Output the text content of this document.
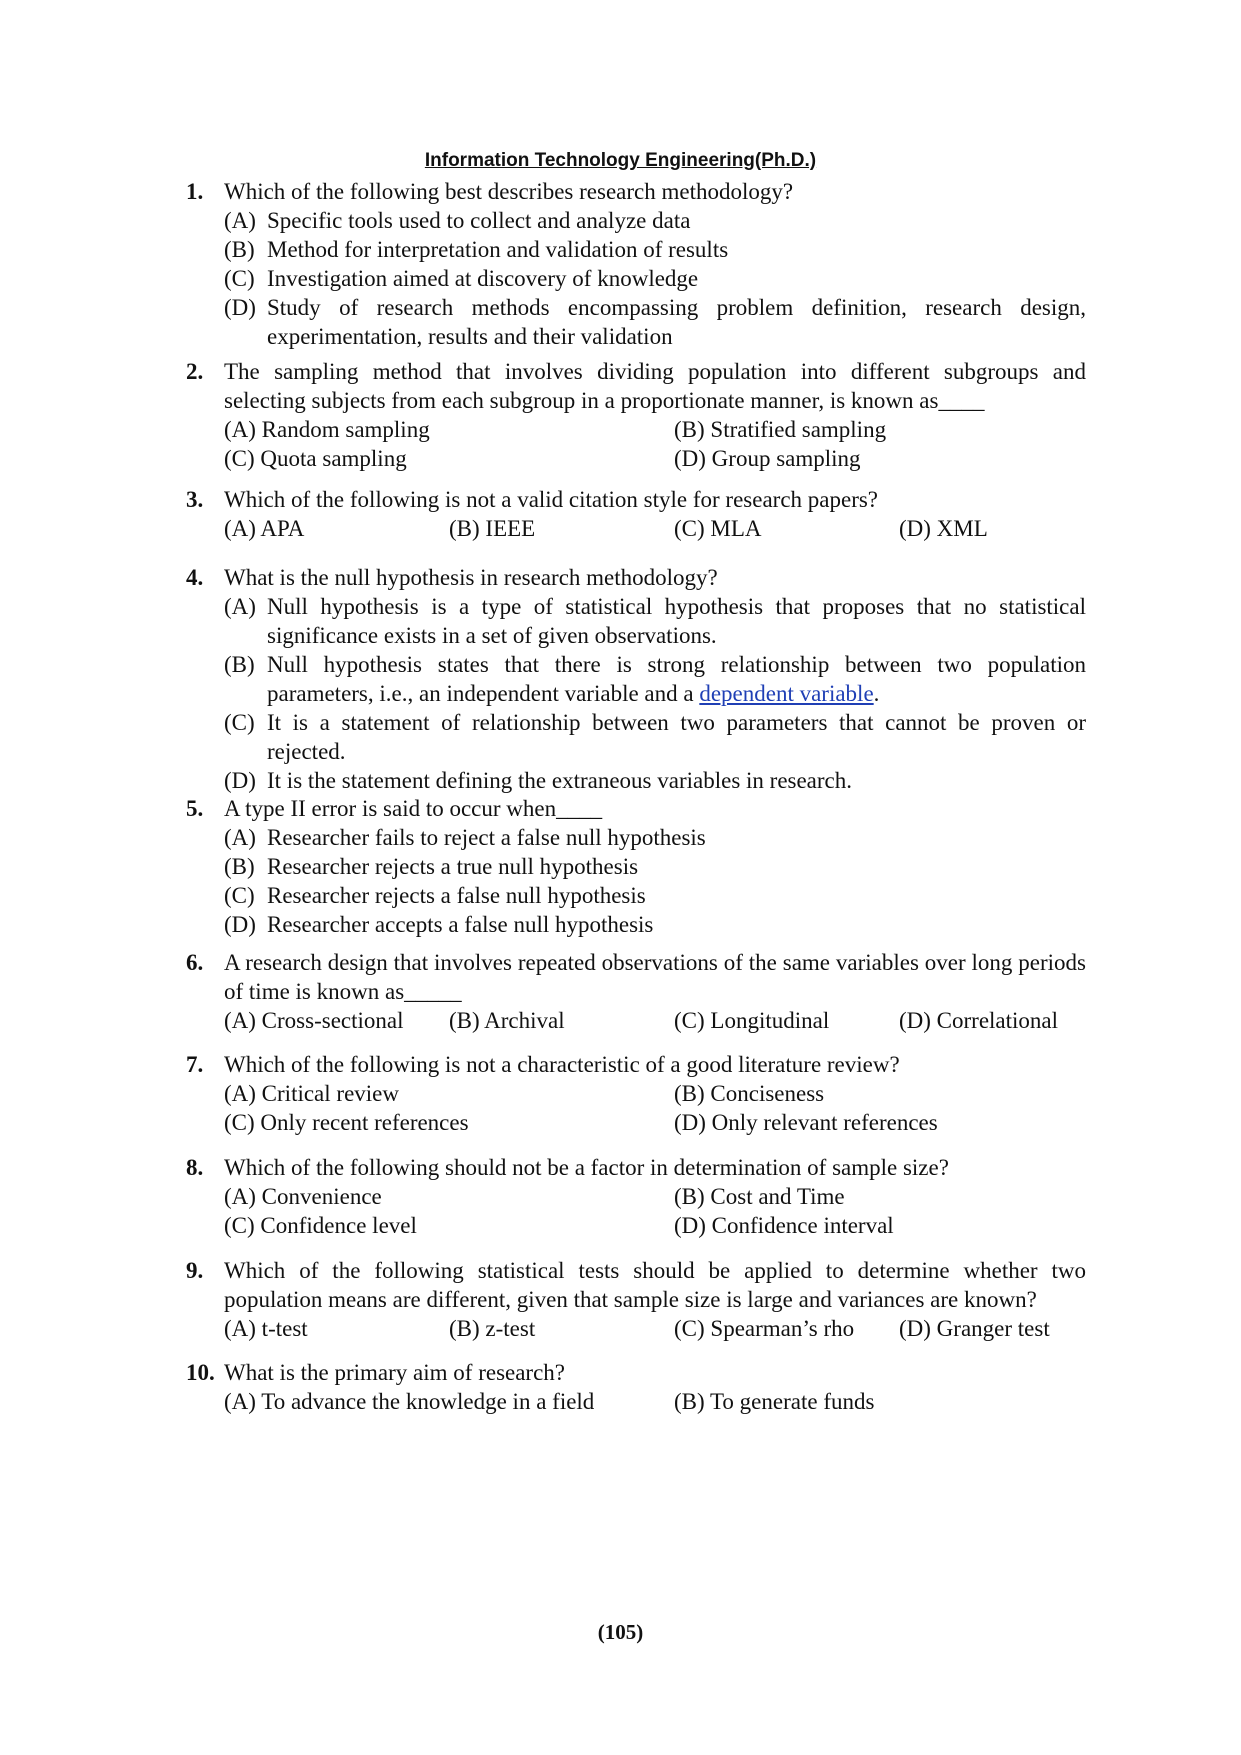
Information Technology Engineering(Ph.D.)
1. Which of the following best describes research methodology?
(A) Specific tools used to collect and analyze data
(B) Method for interpretation and validation of results
(C) Investigation aimed at discovery of knowledge
(D) Study of research methods encompassing problem definition, research design, experimentation, results and their validation
2. The sampling method that involves dividing population into different subgroups and selecting subjects from each subgroup in a proportionate manner, is known as____
(A) Random sampling	(B) Stratified sampling
(C) Quota sampling	(D) Group sampling
3. Which of the following is not a valid citation style for research papers?
(A) APA	(B) IEEE	(C) MLA	(D) XML
4. What is the null hypothesis in research methodology?
(A) Null hypothesis is a type of statistical hypothesis that proposes that no statistical significance exists in a set of given observations.
(B) Null hypothesis states that there is strong relationship between two population parameters, i.e., an independent variable and a dependent variable.
(C) It is a statement of relationship between two parameters that cannot be proven or rejected.
(D) It is the statement defining the extraneous variables in research.
5. A type II error is said to occur when____
(A) Researcher fails to reject a false null hypothesis
(B) Researcher rejects a true null hypothesis
(C) Researcher rejects a false null hypothesis
(D) Researcher accepts a false null hypothesis
6. A research design that involves repeated observations of the same variables over long periods of time is known as_____
(A) Cross-sectional	(B) Archival	(C) Longitudinal	(D) Correlational
7. Which of the following is not a characteristic of a good literature review?
(A) Critical review	(B) Conciseness
(C) Only recent references	(D) Only relevant references
8. Which of the following should not be a factor in determination of sample size?
(A) Convenience	(B) Cost and Time
(C) Confidence level	(D) Confidence interval
9. Which of the following statistical tests should be applied to determine whether two population means are different, given that sample size is large and variances are known?
(A) t-test	(B) z-test	(C) Spearman’s rho	(D) Granger test
10. What is the primary aim of research?
(A) To advance the knowledge in a field	(B) To generate funds
(105)
